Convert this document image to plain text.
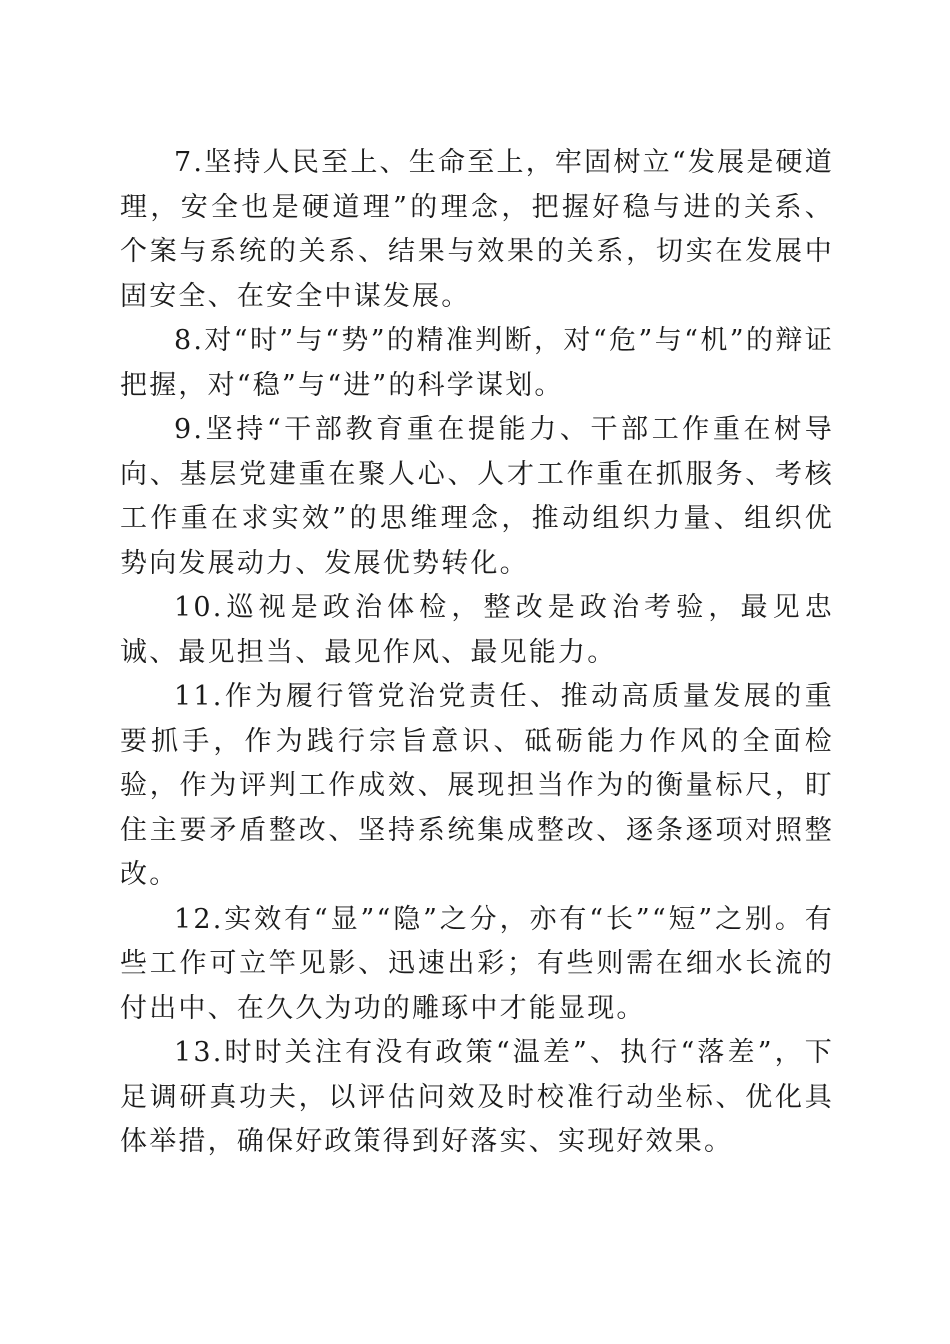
7.坚持人民至上、生命至上，牢固树立“发展是硬道理，安全也是硬道理”的理念，把握好稳与进的关系、个案与系统的关系、结果与效果的关系，切实在发展中固安全、在安全中谋发展。

8.对“时”与“势”的精准判断，对“危”与“机”的辩证把握，对“稳”与“进”的科学谋划。

9.坚持“干部教育重在提能力、干部工作重在树导向、基层党建重在聚人心、人才工作重在抓服务、考核工作重在求实效”的思维理念，推动组织力量、组织优势向发展动力、发展优势转化。

10.巡视是政治体检，整改是政治考验，最见忠诚、最见担当、最见作风、最见能力。

11.作为履行管党治党责任、推动高质量发展的重要抓手，作为践行宗旨意识、砥砺能力作风的全面检验，作为评判工作成效、展现担当作为的衡量标尺，盯住主要矛盾整改、坚持系统集成整改、逐条逐项对照整改。

12.实效有“显”“隐”之分，亦有“长”“短”之别。有些工作可立竿见影、迅速出彩；有些则需在细水长流的付出中、在久久为功的雕琢中才能显现。

13.时时关注有没有政策“温差”、执行“落差”，下足调研真功夫，以评估问效及时校准行动坐标、优化具体举措，确保好政策得到好落实、实现好效果。
